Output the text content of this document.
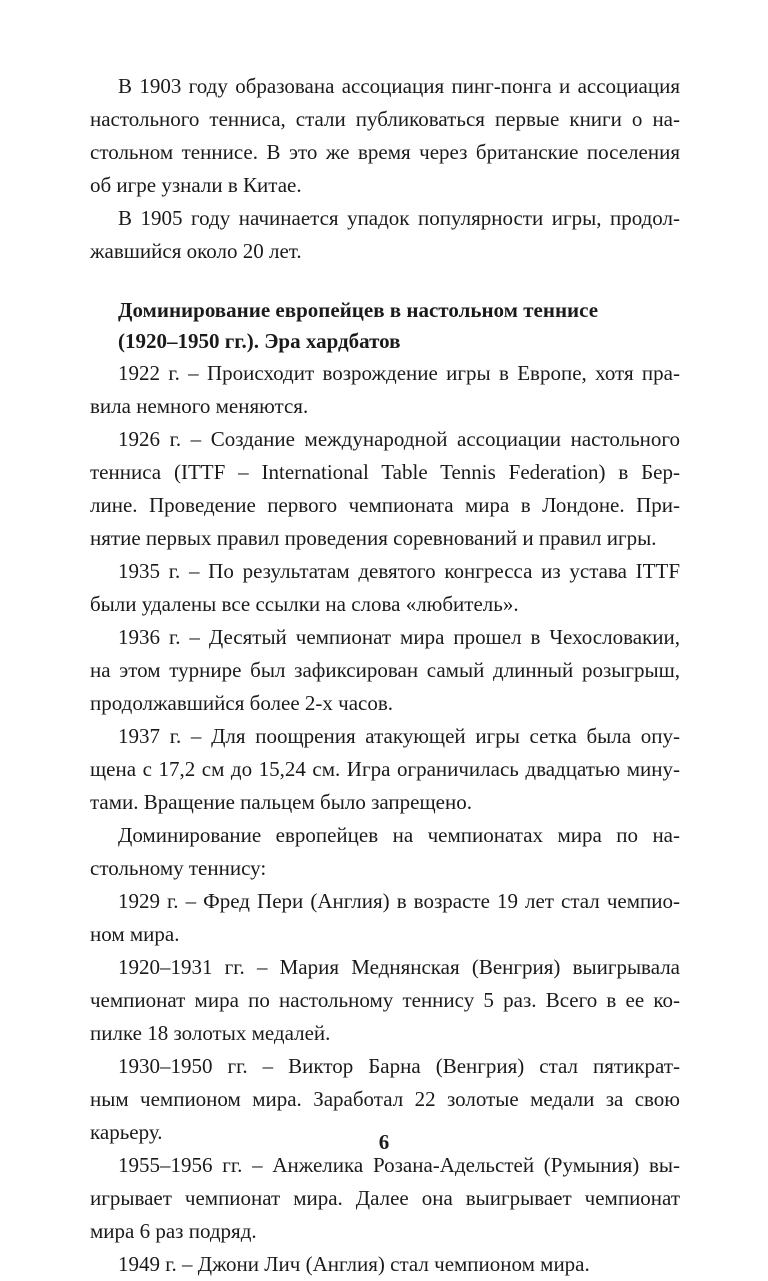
В 1903 году образована ассоциация пинг-понга и ассоциация
настольного тенниса, стали публиковаться первые книги о на-
стольном теннисе. В это же время через британские поселения
об игре узнали в Китае.

В 1905 году начинается упадок популярности игры, продол-
жавшийся около 20 лет.

Доминирование европейцев в настольном теннисе
(1920–1950 гг.). Эра хардбатов

1922 г. – Происходит возрождение игры в Европе, хотя пра-
вила немного меняются.

1926 г. – Создание международной ассоциации настольного
тенниса (ITTF – International Table Tennis Federation) в Бер-
лине. Проведение первого чемпионата мира в Лондоне. При-
нятие первых правил проведения соревнований и правил игры.

1935 г. – По результатам девятого конгресса из устава ITTF
были удалены все ссылки на слова «любитель».

1936 г. – Десятый чемпионат мира прошел в Чехословакии,
на этом турнире был зафиксирован самый длинный розыгрыш,
продолжавшийся более 2-х часов.

1937 г. – Для поощрения атакующей игры сетка была опу-
щена с 17,2 см до 15,24 см. Игра ограничилась двадцатью мину-
тами. Вращение пальцем было запрещено.

Доминирование европейцев на чемпионатах мира по на-
стольному теннису:

1929 г. – Фред Пери (Англия) в возрасте 19 лет стал чемпио-
ном мира.

1920–1931 гг. – Мария Меднянская (Венгрия) выигрывала
чемпионат мира по настольному теннису 5 раз. Всего в ее ко-
пилке 18 золотых медалей.

1930–1950 гг. – Виктор Барна (Венгрия) стал пятикрат-
ным чемпионом мира. Заработал 22 золотые медали за свою
карьеру.

1955–1956 гг. – Анжелика Розана-Адельстей (Румыния) вы-
игрывает чемпионат мира. Далее она выигрывает чемпионат
мира 6 раз подряд.

1949 г. – Джони Лич (Англия) стал чемпионом мира.

6
